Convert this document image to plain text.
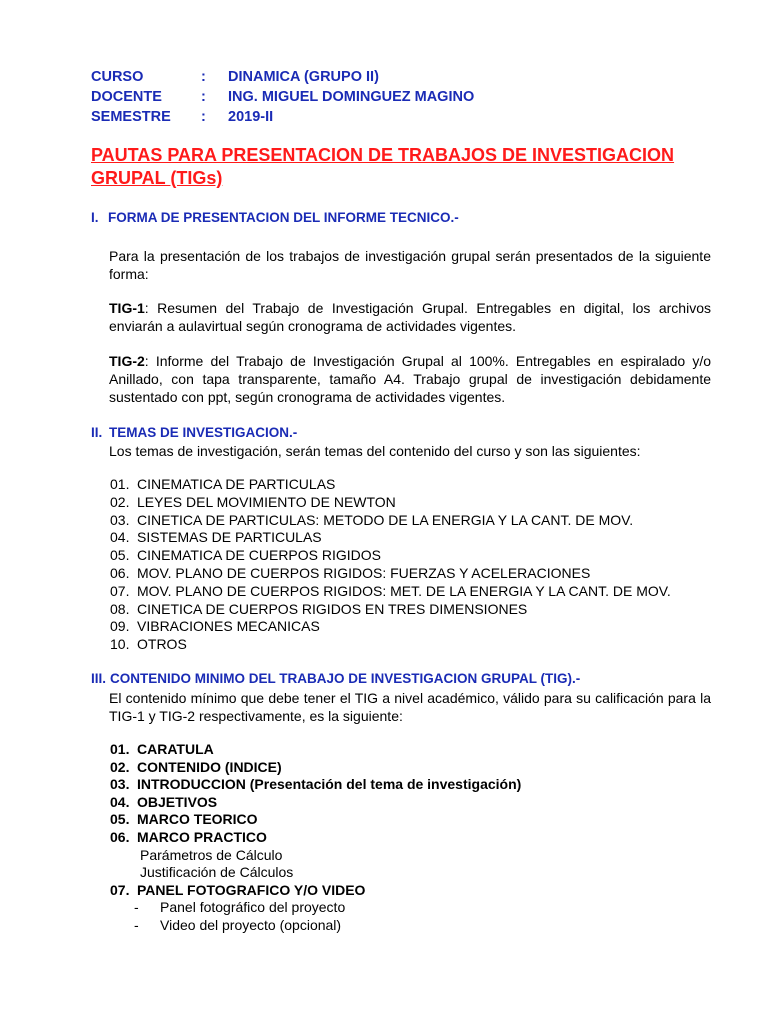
CURSO	: DINAMICA (GRUPO II)
DOCENTE	: ING. MIGUEL DOMINGUEZ MAGINO
SEMESTRE : 2019-II
PAUTAS PARA PRESENTACION DE TRABAJOS DE INVESTIGACION GRUPAL (TIGs)
I. FORMA DE PRESENTACION DEL INFORME TECNICO.-
Para la presentación de los trabajos de investigación grupal serán presentados de la siguiente forma:
TIG-1: Resumen del Trabajo de Investigación Grupal. Entregables en digital, los archivos enviarán a aulavirtual según cronograma de actividades vigentes.
TIG-2: Informe del Trabajo de Investigación Grupal al 100%. Entregables en espiralado y/o Anillado, con tapa transparente, tamaño A4. Trabajo grupal de investigación debidamente sustentado con ppt, según cronograma de actividades vigentes.
II. TEMAS DE INVESTIGACION.-
Los temas de investigación, serán temas del contenido del curso y son las siguientes:
01. CINEMATICA DE PARTICULAS
02. LEYES DEL MOVIMIENTO DE NEWTON
03. CINETICA DE PARTICULAS: METODO DE LA ENERGIA Y LA CANT. DE MOV.
04. SISTEMAS DE PARTICULAS
05. CINEMATICA DE CUERPOS RIGIDOS
06. MOV. PLANO DE CUERPOS RIGIDOS: FUERZAS Y ACELERACIONES
07. MOV. PLANO DE CUERPOS RIGIDOS: MET. DE LA ENERGIA Y LA CANT. DE MOV.
08. CINETICA DE CUERPOS RIGIDOS EN TRES DIMENSIONES
09. VIBRACIONES MECANICAS
10. OTROS
III. CONTENIDO MINIMO DEL TRABAJO DE INVESTIGACION GRUPAL (TIG).-
El contenido mínimo que debe tener el TIG a nivel académico, válido para su calificación para la TIG-1 y TIG-2 respectivamente, es la siguiente:
01. CARATULA
02. CONTENIDO (INDICE)
03. INTRODUCCION (Presentación del tema de investigación)
04. OBJETIVOS
05. MARCO TEORICO
06. MARCO PRACTICO
Parámetros de Cálculo
Justificación de Cálculos
07. PANEL FOTOGRAFICO Y/O VIDEO
- Panel fotográfico del proyecto
- Video del proyecto (opcional)
